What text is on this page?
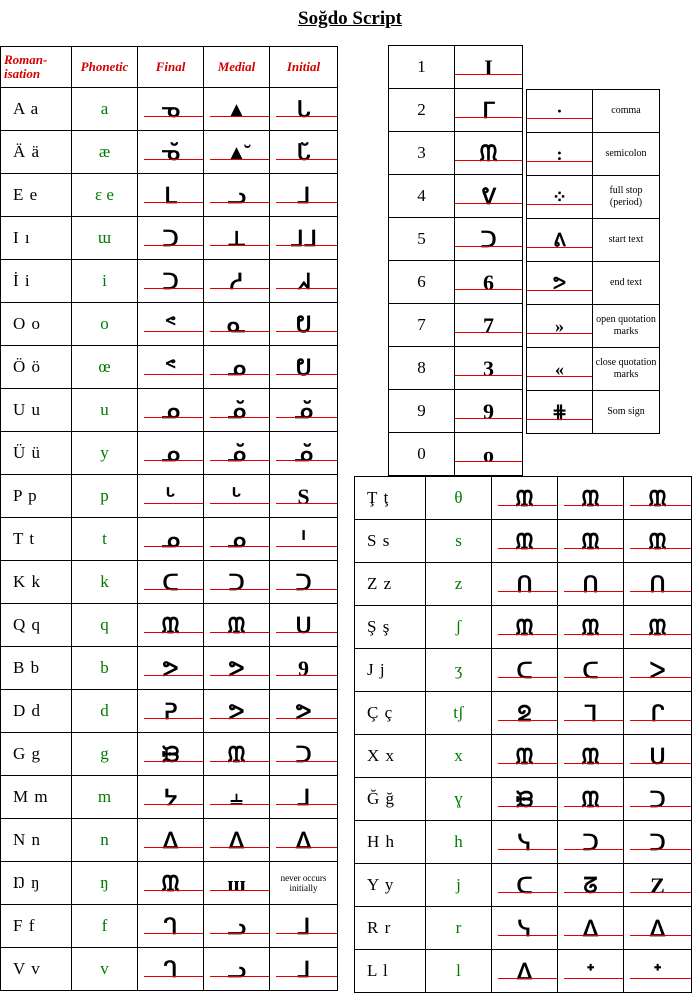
Soğdo Script
Roman-isation	Phonetic	Final	Medial	Initial
A a	a	ᓀ	▲	ᒐ
Ä ä	æ	ᓀ̆	▲̆	ᒐ̆
E e	ɛ e	ᒪ	ᓗ	ᒧ
I ı	ɯ	ᑐ	⊥	ᒧᒧ
İ i	i	ᑐ	ᓱ	ᖽ
O o	o	ᕝ	ᓇ	ᕞ
Ö ö	œ	ᕝ	ᓄ	ᕞ
U u	u	ᓄ	ᓄ̆	ᓄ̆
Ü ü	y	ᓄ	ᓄ̆	ᓄ̆
P p	p	ᒡ	ᒡ	S
T t	t	ᓄ	ᓄ	ᑊ
K k	k	ᑕ	ᑐ	ᑐ
Q q	q	ᙢ	ᙢ	ᑌ
B b	b	ᕗ	ᕗ	9
D d	d	ᕈ	ᕗ	ᕗ
G g	g	ᙟ	ᙢ	ᑐ
M m	m	ᔭ	⫨	ᒧ
N n	n	ᐃ	ᐃ	ᐃ
Ŋ ŋ	ŋ	ᙢ	ш	never occurs initially
F f	f	ᒉ	ᓗ	ᒧ
V v	v	ᒉ	ᓗ	ᒧ
Ţ ţ	θ	ᙢ	ᙢ	ᙢ
S s	s	ᙢ	ᙢ	ᙢ
Z z	z	ᑎ	ᑎ	ᑎ
Ş ş	ʃ	ᙢ	ᙢ	ᙢ
J j	ʒ	ᑕ	ᑕ	ᐳ
Ç ç	tʃ	ᘖ	ᒣ	ᒋ
X x	x	ᙢ	ᙢ	ᑌ
Ğ ğ	ɣ	ᙟ	ᙢ	ᑐ
H h	h	ᓭ	ᑐ	ᑐ
Y y	j	ᑕ	ᘔ	Z
R r	r	ᓭ	ᐃ	ᐃ
L l	l	ᐃ	ᐩ	ᐩ
1	I
2	ᒥ
3	ᙏ
4	ᕓ
5	ᑐ
6	6
7	7
8	3
9	9
0	o
·	comma
:	semicolon
⁘	full stop (period)
ᕕ	start text
ᕗ	end text
»	open quotation marks
«	close quotation marks
⋕	Som sign
